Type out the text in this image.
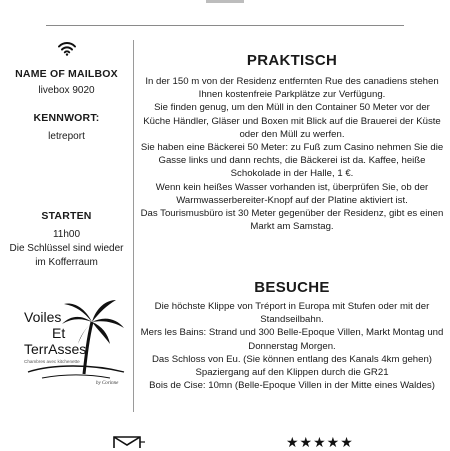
NAME OF MAILBOX
livebox 9020
KENNWORT:
letreport
STARTEN
11h00
Die Schlüssel sind wieder im Kofferraum
Voiles
Et
TerrAsses
Chambres avec kitchenette
by Corinne
PRAKTISCH
In der 150 m von der Residenz entfernten Rue des canadiens stehen Ihnen kostenfreie Parkplätze zur Verfügung.
Sie finden genug, um den Müll in den Container 50 Meter vor der Küche Händler, Gläser und Boxen mit Blick auf die Brauerei der Küste oder den Müll zu werfen.
Sie haben eine Bäckerei 50 Meter: zu Fuß zum Casino nehmen Sie die Gasse links und dann rechts, die Bäckerei ist da. Kaffee, heiße Schokolade in der Halle, 1 €.
Wenn kein heißes Wasser vorhanden ist, überprüfen Sie, ob der Warmwasserbereiter-Knopf auf der Platine aktiviert ist.
Das Tourismusbüro ist 30 Meter gegenüber der Residenz, gibt es einen Markt am Samstag.
BESUCHE
Die höchste Klippe von Tréport in Europa mit Stufen oder mit der Standseilbahn.
Mers les Bains: Strand und 300 Belle-Epoque Villen, Markt Montag und Donnerstag Morgen.
Das Schloss von Eu. (Sie können entlang des Kanals 4km gehen)
Spaziergang auf den Klippen durch die GR21
Bois de Cise: 10mn (Belle-Epoque Villen in der Mitte eines Waldes)
★★★★★
